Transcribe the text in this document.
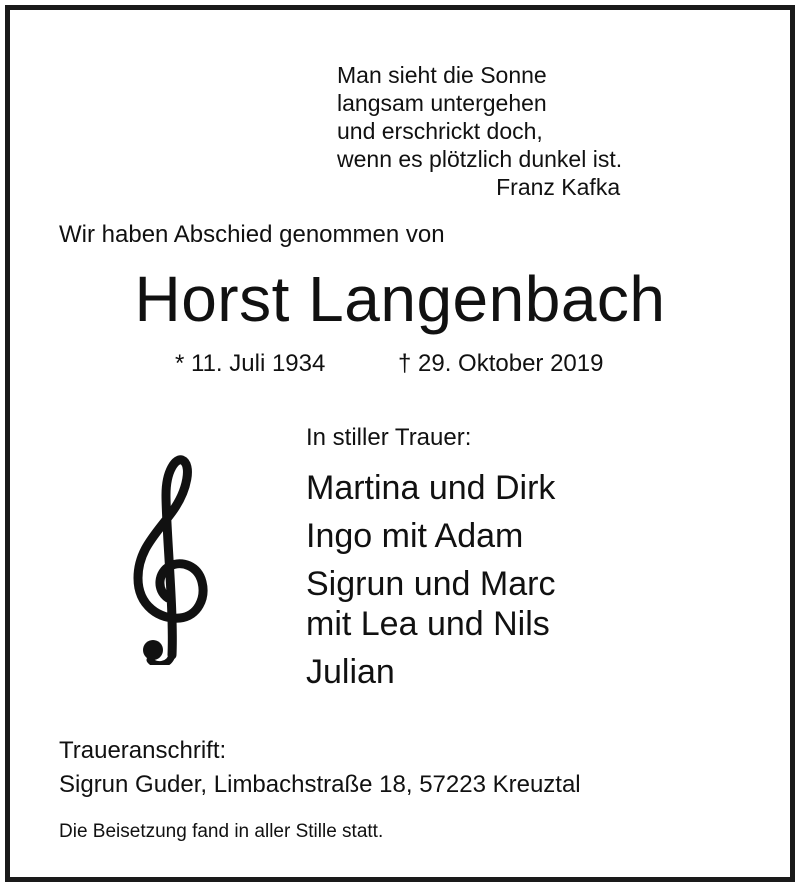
Man sieht die Sonne
langsam untergehen
und erschrickt doch,
wenn es plötzlich dunkel ist.
Franz Kafka
Wir haben Abschied genommen von
Horst Langenbach
* 11. Juli 1934	† 29. Oktober 2019
In stiller Trauer:
Martina und Dirk
Ingo mit Adam
Sigrun und Marc
mit Lea und Nils
Julian
Traueranschrift:
Sigrun Guder, Limbachstraße 18, 57223 Kreuztal
Die Beisetzung fand in aller Stille statt.
